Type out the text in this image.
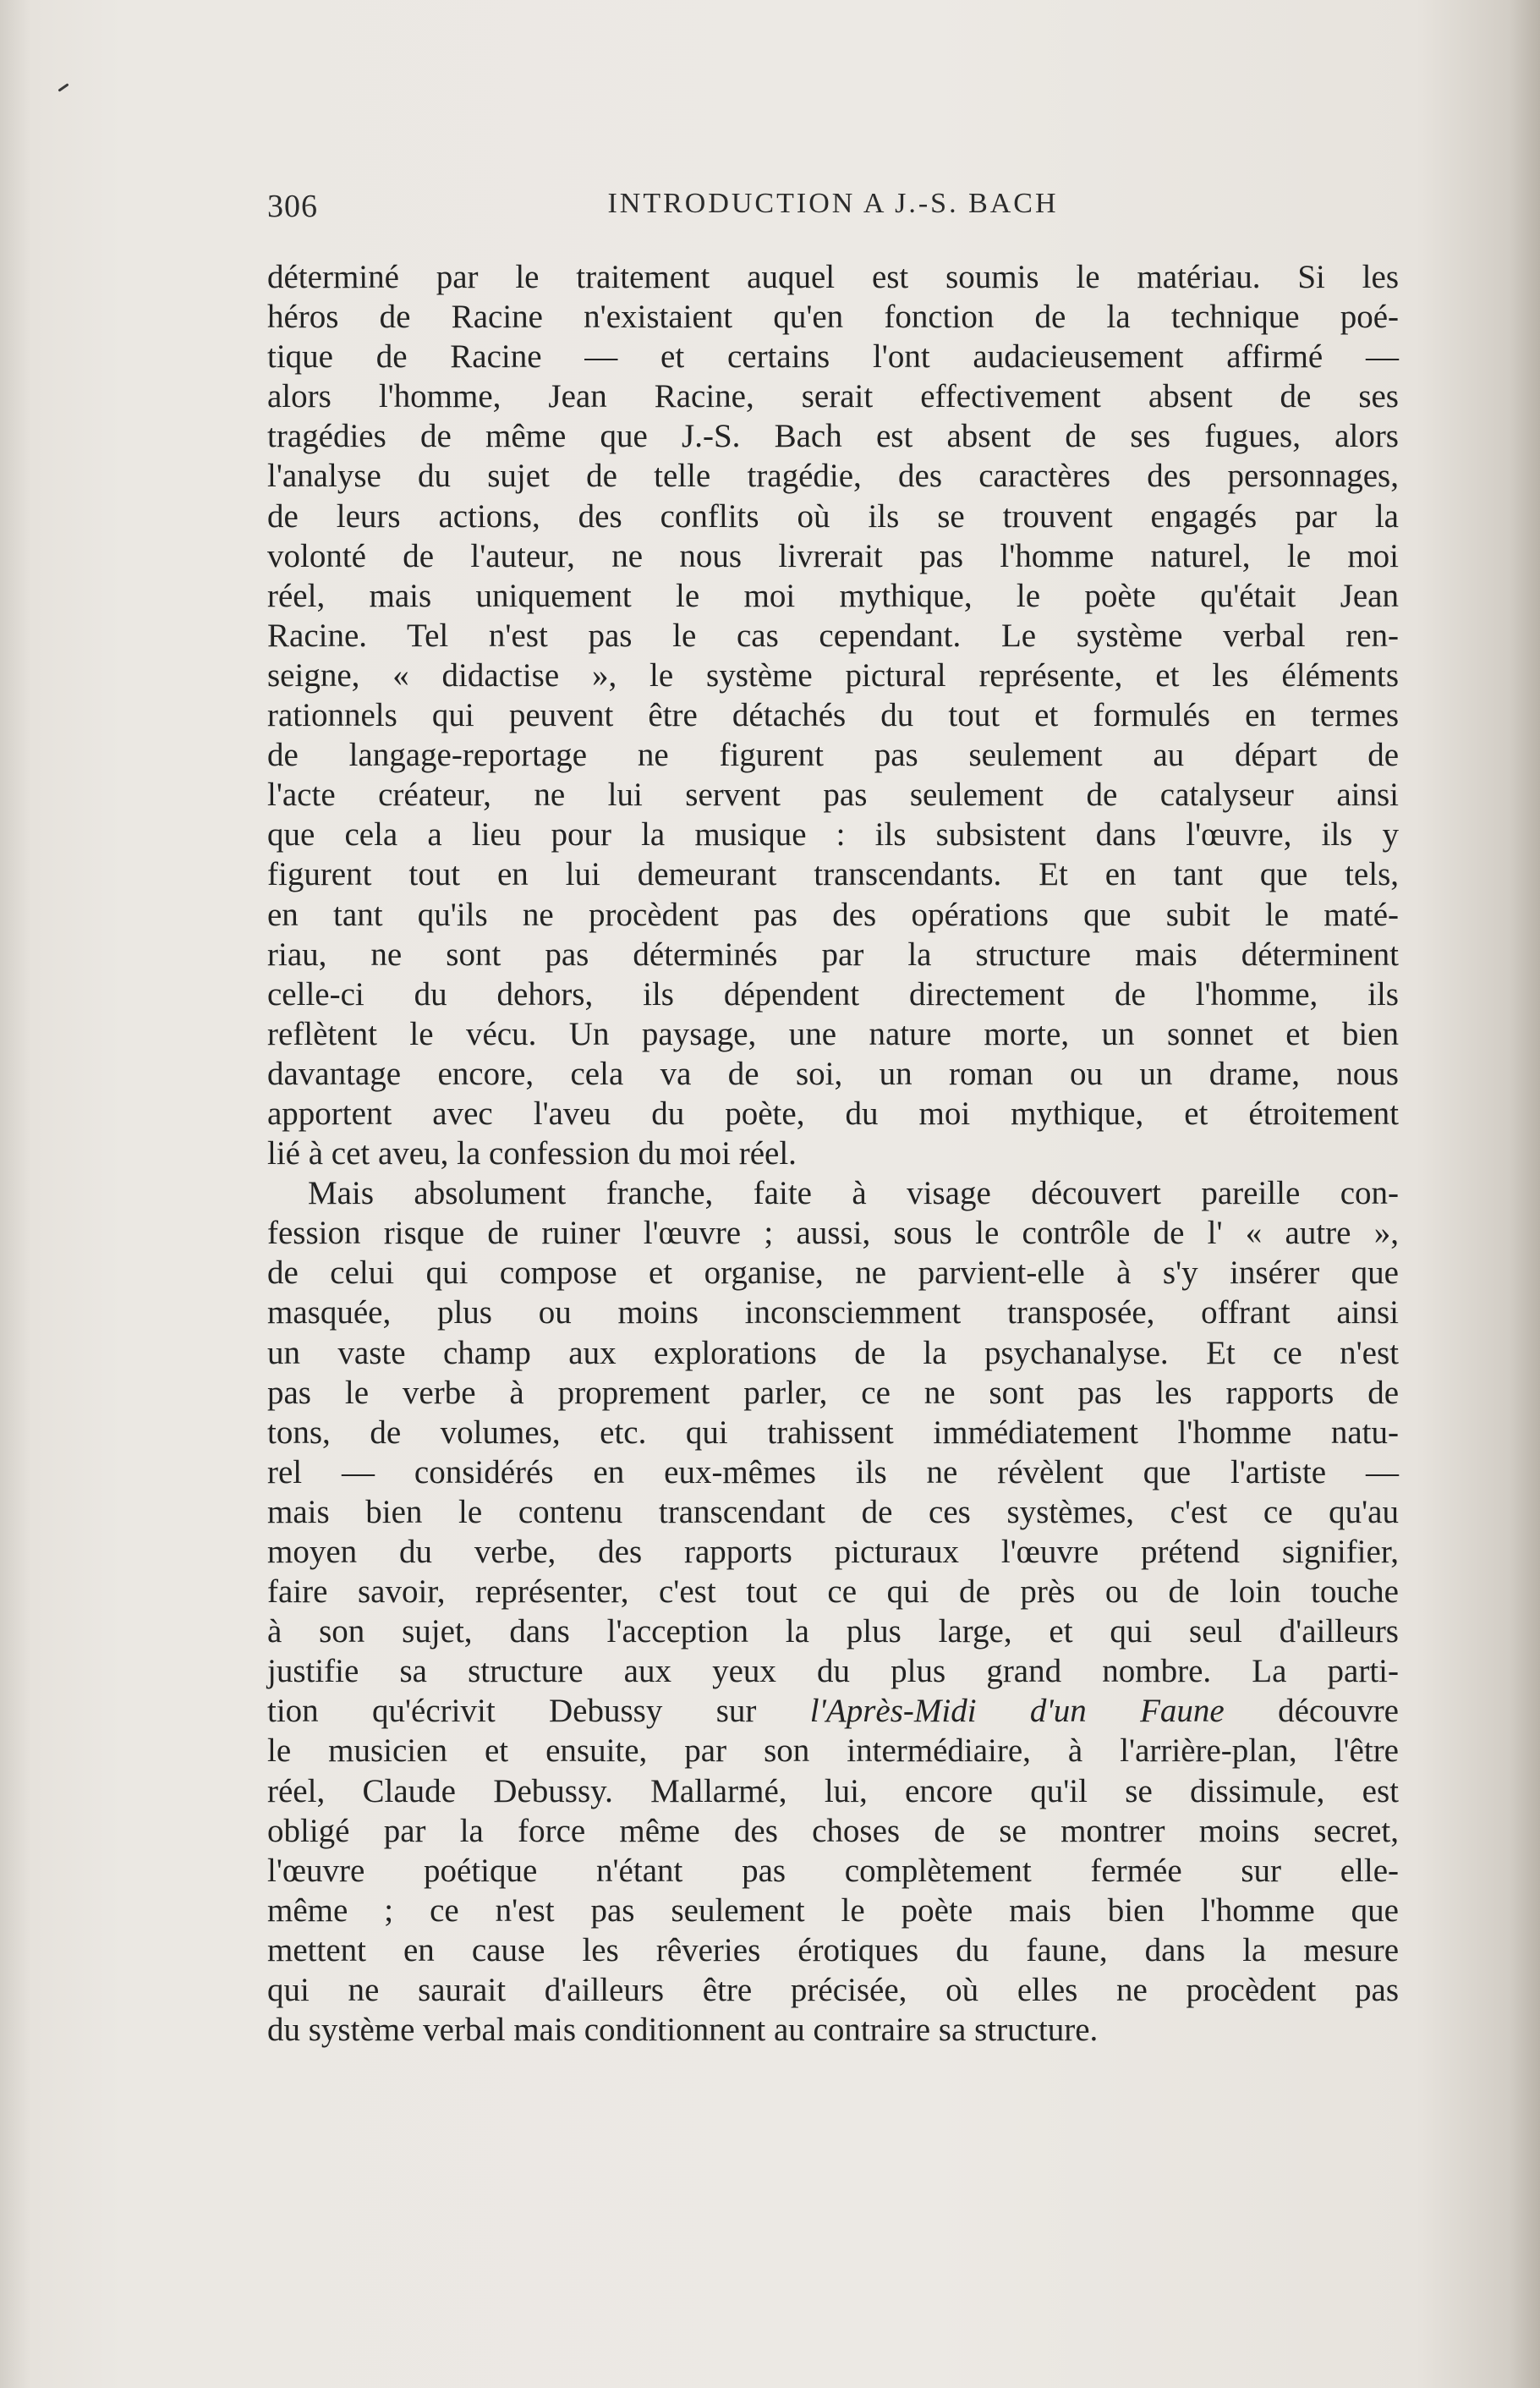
306	INTRODUCTION A J.-S. BACH
déterminé par le traitement auquel est soumis le matériau. Si les
héros de Racine n'existaient qu'en fonction de la technique poé-
tique de Racine — et certains l'ont audacieusement affirmé —
alors l'homme, Jean Racine, serait effectivement absent de ses
tragédies de même que J.-S. Bach est absent de ses fugues, alors
l'analyse du sujet de telle tragédie, des caractères des personnages,
de leurs actions, des conflits où ils se trouvent engagés par la
volonté de l'auteur, ne nous livrerait pas l'homme naturel, le moi
réel, mais uniquement le moi mythique, le poète qu'était Jean
Racine. Tel n'est pas le cas cependant. Le système verbal ren-
seigne, « didactise », le système pictural représente, et les éléments
rationnels qui peuvent être détachés du tout et formulés en termes
de langage-reportage ne figurent pas seulement au départ de
l'acte créateur, ne lui servent pas seulement de catalyseur ainsi
que cela a lieu pour la musique : ils subsistent dans l'œuvre, ils y
figurent tout en lui demeurant transcendants. Et en tant que tels,
en tant qu'ils ne procèdent pas des opérations que subit le maté-
riau, ne sont pas déterminés par la structure mais déterminent
celle-ci du dehors, ils dépendent directement de l'homme, ils
reflètent le vécu. Un paysage, une nature morte, un sonnet et bien
davantage encore, cela va de soi, un roman ou un drame, nous
apportent avec l'aveu du poète, du moi mythique, et étroitement
lié à cet aveu, la confession du moi réel.
Mais absolument franche, faite à visage découvert pareille con-
fession risque de ruiner l'œuvre ; aussi, sous le contrôle de l' « autre »,
de celui qui compose et organise, ne parvient-elle à s'y insérer que
masquée, plus ou moins inconsciemment transposée, offrant ainsi
un vaste champ aux explorations de la psychanalyse. Et ce n'est
pas le verbe à proprement parler, ce ne sont pas les rapports de
tons, de volumes, etc. qui trahissent immédiatement l'homme natu-
rel — considérés en eux-mêmes ils ne révèlent que l'artiste —
mais bien le contenu transcendant de ces systèmes, c'est ce qu'au
moyen du verbe, des rapports picturaux l'œuvre prétend signifier,
faire savoir, représenter, c'est tout ce qui de près ou de loin touche
à son sujet, dans l'acception la plus large, et qui seul d'ailleurs
justifie sa structure aux yeux du plus grand nombre. La parti-
tion qu'écrivit Debussy sur l'Après-Midi d'un Faune découvre
le musicien et ensuite, par son intermédiaire, à l'arrière-plan, l'être
réel, Claude Debussy. Mallarmé, lui, encore qu'il se dissimule, est
obligé par la force même des choses de se montrer moins secret,
l'œuvre poétique n'étant pas complètement fermée sur elle-
même ; ce n'est pas seulement le poète mais bien l'homme que
mettent en cause les rêveries érotiques du faune, dans la mesure
qui ne saurait d'ailleurs être précisée, où elles ne procèdent pas
du système verbal mais conditionnent au contraire sa structure.
